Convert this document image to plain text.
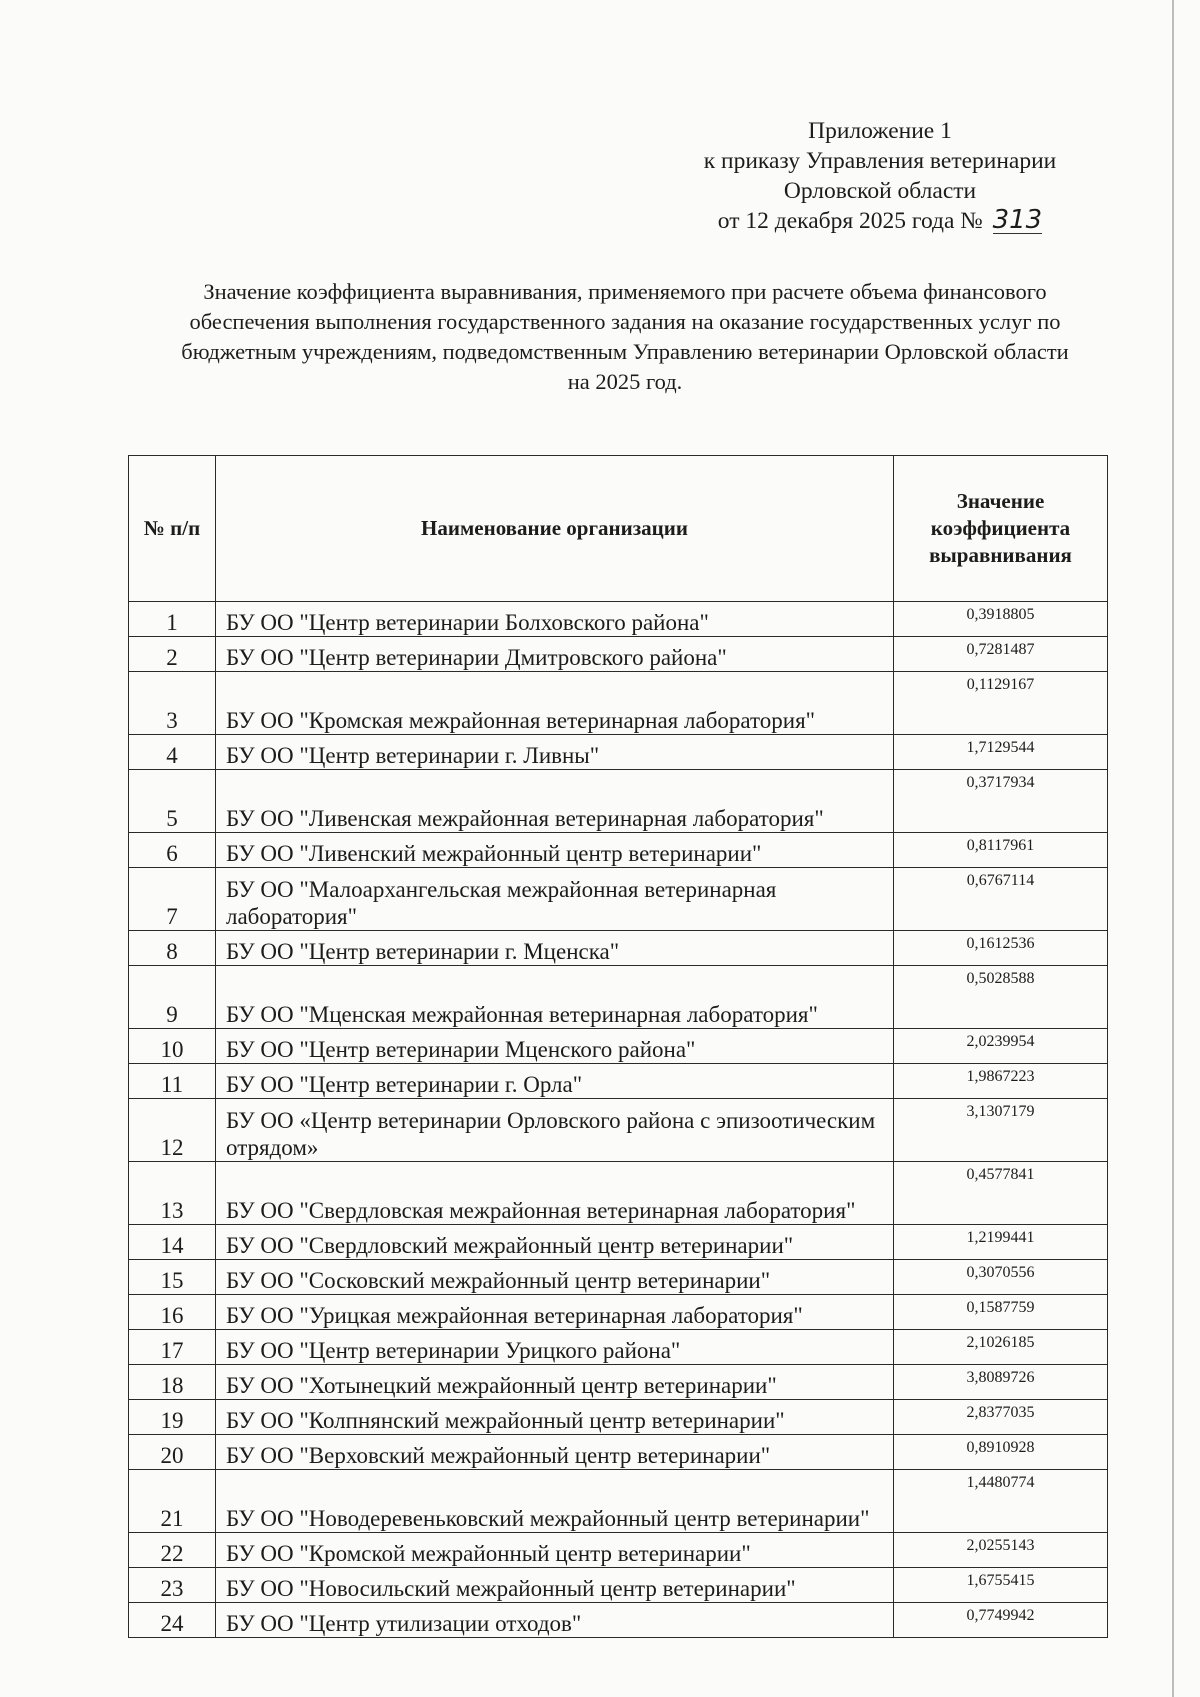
Приложение 1
к приказу Управления ветеринарии
Орловской области
от 12 декабря 2025 года № 313
Значение коэффициента выравнивания, применяемого при расчете объема финансового обеспечения выполнения государственного задания на оказание государственных услуг по бюджетным учреждениям, подведомственным Управлению ветеринарии Орловской области на 2025 год.
№ п/п	Наименование организации	Значение коэффициента выравнивания
1	БУ ОО "Центр ветеринарии Болховского района"	0,3918805
2	БУ ОО "Центр ветеринарии Дмитровского района"	0,7281487
3	БУ ОО "Кромская межрайонная ветеринарная лаборатория"	0,1129167
4	БУ ОО "Центр ветеринарии г. Ливны"	1,7129544
5	БУ ОО "Ливенская межрайонная ветеринарная лаборатория"	0,3717934
6	БУ ОО "Ливенский межрайонный центр ветеринарии"	0,8117961
7	БУ ОО "Малоархангельская межрайонная ветеринарная лаборатория"	0,6767114
8	БУ ОО "Центр ветеринарии г. Мценска"	0,1612536
9	БУ ОО "Мценская межрайонная ветеринарная лаборатория"	0,5028588
10	БУ ОО "Центр ветеринарии Мценского района"	2,0239954
11	БУ ОО "Центр ветеринарии г. Орла"	1,9867223
12	БУ ОО «Центр ветеринарии Орловского района с эпизоотическим отрядом»	3,1307179
13	БУ ОО "Свердловская межрайонная ветеринарная лаборатория"	0,4577841
14	БУ ОО "Свердловский межрайонный центр ветеринарии"	1,2199441
15	БУ ОО "Сосковский межрайонный центр ветеринарии"	0,3070556
16	БУ ОО "Урицкая межрайонная ветеринарная лаборатория"	0,1587759
17	БУ ОО "Центр ветеринарии Урицкого района"	2,1026185
18	БУ ОО "Хотынецкий межрайонный центр ветеринарии"	3,8089726
19	БУ ОО "Колпнянский межрайонный центр ветеринарии"	2,8377035
20	БУ ОО "Верховский межрайонный центр ветеринарии"	0,8910928
21	БУ ОО "Новодеревеньковский межрайонный центр ветеринарии"	1,4480774
22	БУ ОО "Кромской межрайонный центр ветеринарии"	2,0255143
23	БУ ОО "Новосильский межрайонный центр ветеринарии"	1,6755415
24	БУ ОО "Центр утилизации отходов"	0,7749942
